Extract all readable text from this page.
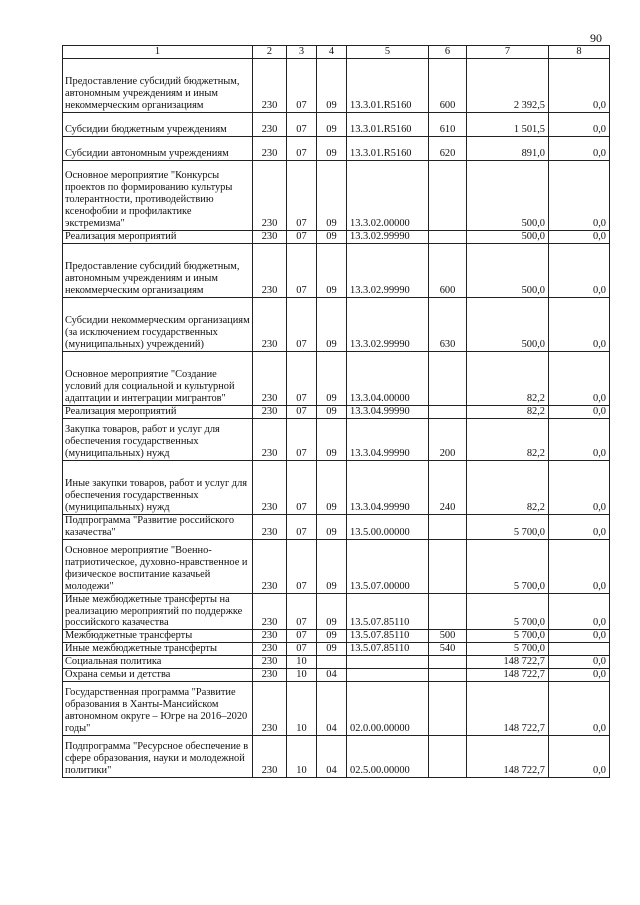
90
1	2	3	4	5	6	7	8
Предоставление субсидий бюджетным, автономным учреждениям и иным некоммерческим организациям	230	07	09	13.3.01.R5160	600	2 392,5	0,0
Субсидии бюджетным учреждениям	230	07	09	13.3.01.R5160	610	1 501,5	0,0
Субсидии автономным учреждениям	230	07	09	13.3.01.R5160	620	891,0	0,0
Основное мероприятие "Конкурсы проектов по формированию культуры толерантности, противодействию ксенофобии и профилактике экстремизма"	230	07	09	13.3.02.00000		500,0	0,0
Реализация мероприятий	230	07	09	13.3.02.99990		500,0	0,0
Предоставление субсидий бюджетным, автономным учреждениям и иным некоммерческим организациям	230	07	09	13.3.02.99990	600	500,0	0,0
Субсидии некоммерческим организациям (за исключением государственных (муниципальных) учреждений)	230	07	09	13.3.02.99990	630	500,0	0,0
Основное мероприятие "Создание условий для социальной и культурной адаптации и интеграции мигрантов"	230	07	09	13.3.04.00000		82,2	0,0
Реализация мероприятий	230	07	09	13.3.04.99990		82,2	0,0
Закупка товаров, работ и услуг для обеспечения государственных (муниципальных) нужд	230	07	09	13.3.04.99990	200	82,2	0,0
Иные закупки товаров, работ и услуг для обеспечения государственных (муниципальных) нужд	230	07	09	13.3.04.99990	240	82,2	0,0
Подпрограмма "Развитие российского казачества"	230	07	09	13.5.00.00000		5 700,0	0,0
Основное мероприятие "Военно-патриотическое, духовно-нравственное и физическое воспитание казачьей молодежи"	230	07	09	13.5.07.00000		5 700,0	0,0
Иные межбюджетные трансферты на реализацию мероприятий по поддержке российского казачества	230	07	09	13.5.07.85110		5 700,0	0,0
Межбюджетные трансферты	230	07	09	13.5.07.85110	500	5 700,0	0,0
Иные межбюджетные трансферты	230	07	09	13.5.07.85110	540	5 700,0	
Социальная политика	230	10				148 722,7	0,0
Охрана семьи и детства	230	10	04			148 722,7	0,0
Государственная программа "Развитие образования в Ханты-Мансийском автономном округе – Югре на 2016–2020 годы"	230	10	04	02.0.00.00000		148 722,7	0,0
Подпрограмма "Ресурсное обеспечение в сфере образования, науки и молодежной политики"	230	10	04	02.5.00.00000		148 722,7	0,0
